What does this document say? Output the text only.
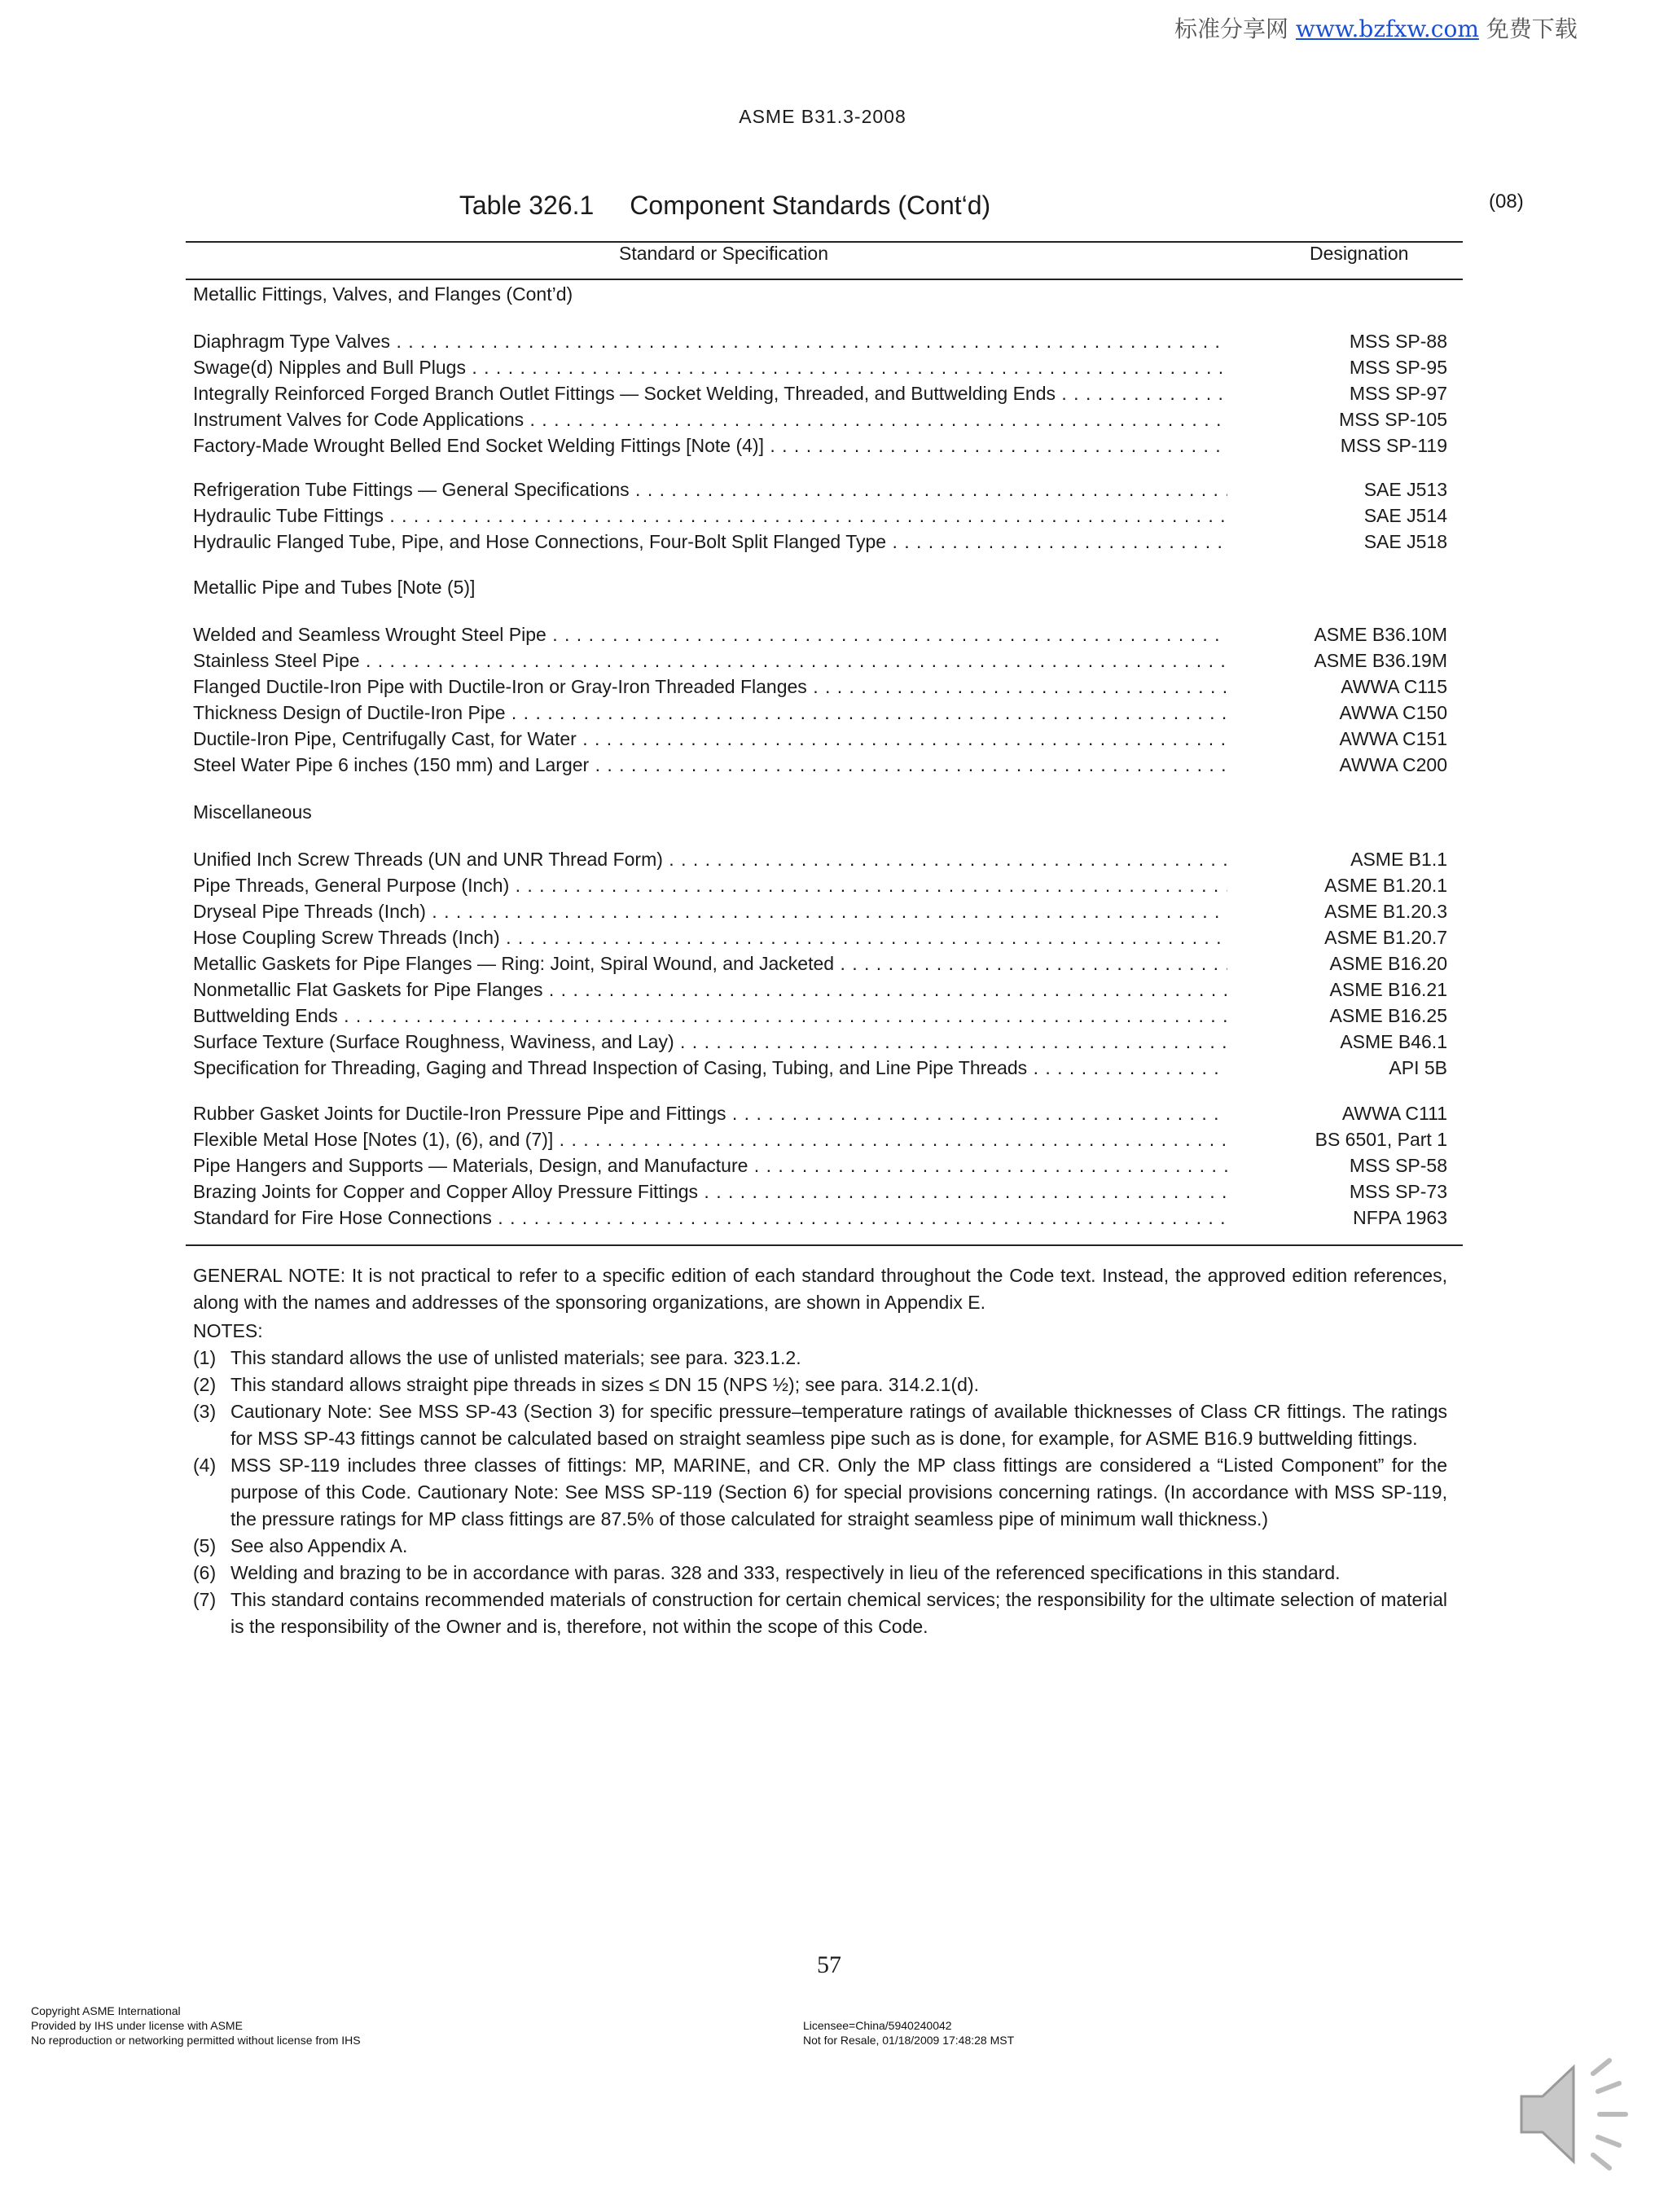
标准分享网 www.bzfxw.com 免费下载
ASME B31.3-2008
Table 326.1 Component Standards (Cont‘d)	(08)
Standard or Specification	Designation
Metallic Fittings, Valves, and Flanges (Cont’d)
Diaphragm Type Valves . . .	MSS SP-88
Swage(d) Nipples and Bull Plugs . . .	MSS SP-95
Integrally Reinforced Forged Branch Outlet Fittings — Socket Welding, Threaded, and Buttwelding Ends . . .	MSS SP-97
Instrument Valves for Code Applications . . .	MSS SP-105
Factory-Made Wrought Belled End Socket Welding Fittings [Note (4)] . . .	MSS SP-119
Refrigeration Tube Fittings — General Specifications . . .	SAE J513
Hydraulic Tube Fittings . . .	SAE J514
Hydraulic Flanged Tube, Pipe, and Hose Connections, Four-Bolt Split Flanged Type . . .	SAE J518
Metallic Pipe and Tubes [Note (5)]
Welded and Seamless Wrought Steel Pipe . . .	ASME B36.10M
Stainless Steel Pipe . . .	ASME B36.19M
Flanged Ductile-Iron Pipe with Ductile-Iron or Gray-Iron Threaded Flanges . . .	AWWA C115
Thickness Design of Ductile-Iron Pipe . . .	AWWA C150
Ductile-Iron Pipe, Centrifugally Cast, for Water . . .	AWWA C151
Steel Water Pipe 6 inches (150 mm) and Larger . . .	AWWA C200
Miscellaneous
Unified Inch Screw Threads (UN and UNR Thread Form) . . .	ASME B1.1
Pipe Threads, General Purpose (Inch) . . .	ASME B1.20.1
Dryseal Pipe Threads (Inch) . . .	ASME B1.20.3
Hose Coupling Screw Threads (Inch) . . .	ASME B1.20.7
Metallic Gaskets for Pipe Flanges — Ring: Joint, Spiral Wound, and Jacketed . . .	ASME B16.20
Nonmetallic Flat Gaskets for Pipe Flanges . . .	ASME B16.21
Buttwelding Ends . . .	ASME B16.25
Surface Texture (Surface Roughness, Waviness, and Lay) . . .	ASME B46.1
Specification for Threading, Gaging and Thread Inspection of Casing, Tubing, and Line Pipe Threads . . .	API 5B
Rubber Gasket Joints for Ductile-Iron Pressure Pipe and Fittings . . .	AWWA C111
Flexible Metal Hose [Notes (1), (6), and (7)] . . .	BS 6501, Part 1
Pipe Hangers and Supports — Materials, Design, and Manufacture . . .	MSS SP-58
Brazing Joints for Copper and Copper Alloy Pressure Fittings . . .	MSS SP-73
Standard for Fire Hose Connections . . .	NFPA 1963

GENERAL NOTE: It is not practical to refer to a specific edition of each standard throughout the Code text. Instead, the approved edition references, along with the names and addresses of the sponsoring organizations, are shown in Appendix E.

NOTES:

(1) This standard allows the use of unlisted materials; see para. 323.1.2.
(2) This standard allows straight pipe threads in sizes ≤ DN 15 (NPS ½); see para. 314.2.1(d).
(3) Cautionary Note: See MSS SP-43 (Section 3) for specific pressure–temperature ratings of available thicknesses of Class CR fittings. The ratings for MSS SP-43 fittings cannot be calculated based on straight seamless pipe such as is done, for example, for ASME B16.9 buttwelding fittings.
(4) MSS SP-119 includes three classes of fittings: MP, MARINE, and CR. Only the MP class fittings are considered a “Listed Component” for the purpose of this Code. Cautionary Note: See MSS SP-119 (Section 6) for special provisions concerning ratings. (In accordance with MSS SP-119, the pressure ratings for MP class fittings are 87.5% of those calculated for straight seamless pipe of minimum wall thickness.)
(5) See also Appendix A.
(6) Welding and brazing to be in accordance with paras. 328 and 333, respectively in lieu of the referenced specifications in this standard.
(7) This standard contains recommended materials of construction for certain chemical services; the responsibility for the ultimate selection of material is the responsibility of the Owner and is, therefore, not within the scope of this Code.
57
Copyright ASME International
Provided by IHS under license with ASME
No reproduction or networking permitted without license from IHS
Licensee=China/5940240042
Not for Resale, 01/18/2009 17:48:28 MST
